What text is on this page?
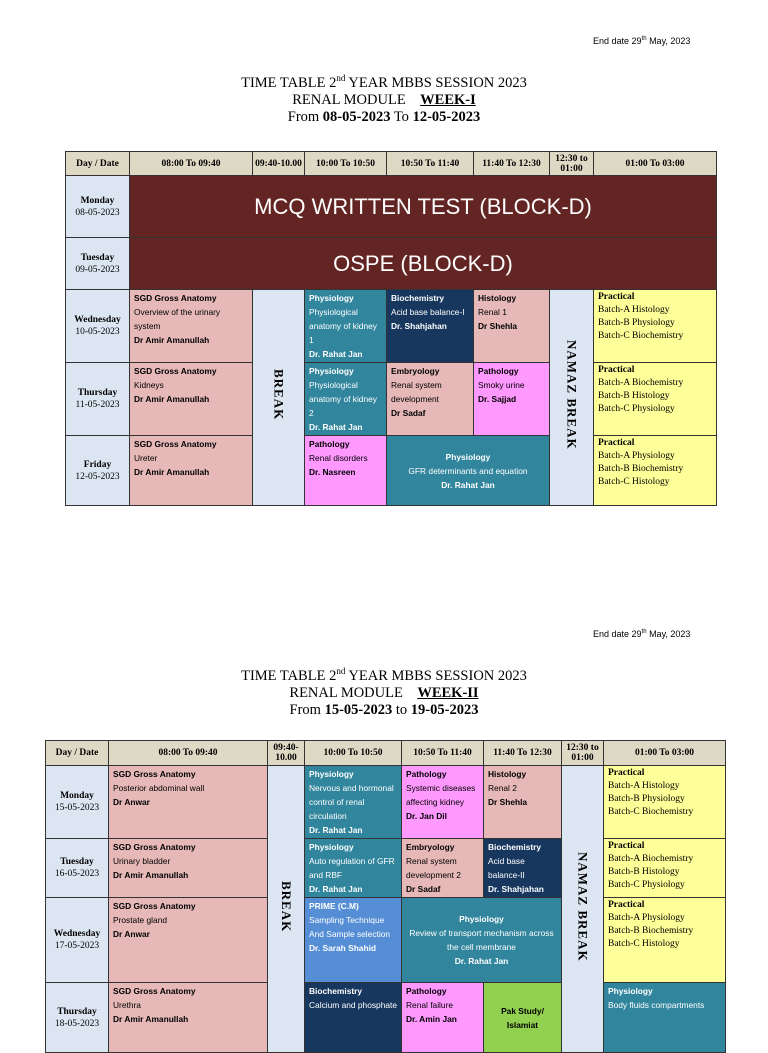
End date 29th May, 2023
TIME TABLE 2nd YEAR MBBS SESSION 2023
RENAL MODULE WEEK-I
From 08-05-2023 To 12-05-2023
Day / Date	08:00 To 09:40	09:40-10.00	10:00 To 10:50	10:50 To 11:40	11:40 To 12:30	12:30 to 01:00	01:00 To 03:00

Monday
08-05-2023	MCQ WRITTEN TEST (BLOCK-D)						

Tuesday
09-05-2023	OSPE (BLOCK-D)						

Wednesday
10-05-2023	SGD Gross Anatomy
Overview of the urinary system
Dr Amir Amanullah	BREAK	Physiology
Physiological anatomy of kidney 1
Dr. Rahat Jan	Biochemistry
Acid base balance-I
Dr. Shahjahan	Histology
Renal 1
Dr Shehla	NAMAZ BREAK	Practical
Batch-A Histology
Batch-B Physiology
Batch-C Biochemistry

Thursday
11-05-2023	SGD Gross Anatomy
Kidneys
Dr Amir Amanullah		Physiology
Physiological anatomy of kidney 2
Dr. Rahat Jan	Embryology
Renal system development
Dr Sadaf	Pathology
Smoky urine
Dr. Sajjad		Practical
Batch-A Biochemistry
Batch-B Histology
Batch-C Physiology

Friday
12-05-2023	SGD Gross Anatomy
Ureter
Dr Amir Amanullah		Pathology
Renal disorders
Dr. Nasreen	Physiology
GFR determinants and equation
Dr. Rahat Jan			Practical
Batch-A Physiology
Batch-B Biochemistry
Batch-C Histology
End date 29th May, 2023
TIME TABLE 2nd YEAR MBBS SESSION 2023
RENAL MODULE WEEK-II
From 15-05-2023 to 19-05-2023
Day / Date	08:00 To 09:40	09:40-10.00	10:00 To 10:50	10:50 To 11:40	11:40 To 12:30	12:30 to 01:00	01:00 To 03:00

Monday
15-05-2023	SGD Gross Anatomy
Posterior abdominal wall
Dr Anwar	BREAK	Physiology
Nervous and hormonal control of renal circulation
Dr. Rahat Jan	Pathology
Systemic diseases affecting kidney
Dr. Jan Dil	Histology
Renal 2
Dr Shehla	NAMAZ BREAK	Practical
Batch-A Histology
Batch-B Physiology
Batch-C Biochemistry

Tuesday
16-05-2023	SGD Gross Anatomy
Urinary bladder
Dr Amir Amanullah		Physiology
Auto regulation of GFR and RBF
Dr. Rahat Jan	Embryology
Renal system development 2
Dr Sadaf	Biochemistry
Acid base balance-II
Dr. Shahjahan		Practical
Batch-A Biochemistry
Batch-B Histology
Batch-C Physiology

Wednesday
17-05-2023	SGD Gross Anatomy
Prostate gland
Dr Anwar		PRIME (C.M)
Sampling Technique And Sample selection
Dr. Sarah Shahid	Physiology
Review of transport mechanism across the cell membrane
Dr. Rahat Jan			Practical
Batch-A Physiology
Batch-B Biochemistry
Batch-C Histology

Thursday
18-05-2023	SGD Gross Anatomy
Urethra
Dr Amir Amanullah		Biochemistry
Calcium and phosphate	Pathology
Renal failure
Dr. Amin Jan	Pak Study/ Islamiat		Physiology
Body fluids compartments
